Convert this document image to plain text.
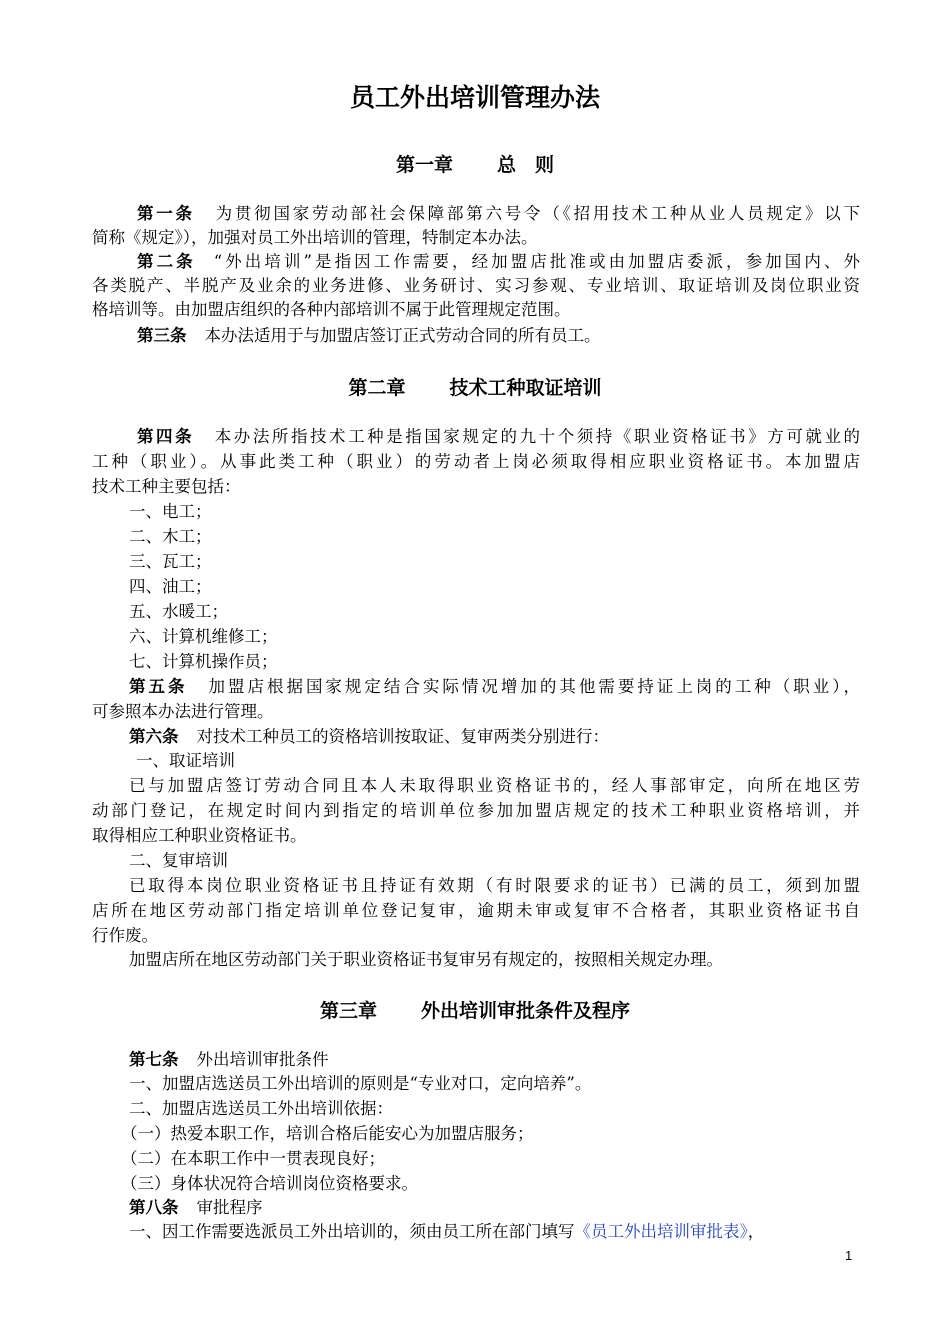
员工外出培训管理办法
第一章 总　则
第一条 为贯彻国家劳动部社会保障部第六号令（《招用技术工种从业人员规定》以下
简称《规定》），加强对员工外出培训的管理，特制定本办法。
第二条 “外出培训”是指因工作需要，经加盟店批准或由加盟店委派，参加国内、外
各类脱产、半脱产及业余的业务进修、业务研讨、实习参观、专业培训、取证培训及岗位职业资
格培训等。由加盟店组织的各种内部培训不属于此管理规定范围。
第三条 本办法适用于与加盟店签订正式劳动合同的所有员工。
第二章 技术工种取证培训
第四条 本办法所指技术工种是指国家规定的九十个须持《职业资格证书》方可就业的
工种（职业）。从事此类工种（职业）的劳动者上岗必须取得相应职业资格证书。本加盟店
技术工种主要包括：
一、电工；
二、木工；
三、瓦工；
四、油工；
五、水暖工；
六、计算机维修工；
七、计算机操作员；
第五条 加盟店根据国家规定结合实际情况增加的其他需要持证上岗的工种（职业），
可参照本办法进行管理。
第六条 对技术工种员工的资格培训按取证、复审两类分别进行：
一、取证培训
已与加盟店签订劳动合同且本人未取得职业资格证书的，经人事部审定，向所在地区劳
动部门登记，在规定时间内到指定的培训单位参加加盟店规定的技术工种职业资格培训，并
取得相应工种职业资格证书。
二、复审培训
已取得本岗位职业资格证书且持证有效期（有时限要求的证书）已满的员工，须到加盟
店所在地区劳动部门指定培训单位登记复审，逾期未审或复审不合格者，其职业资格证书自
行作废。
加盟店所在地区劳动部门关于职业资格证书复审另有规定的，按照相关规定办理。
第三章 外出培训审批条件及程序
第七条 外出培训审批条件
一、加盟店选送员工外出培训的原则是“专业对口，定向培养”。
二、加盟店选送员工外出培训依据：
（一）热爱本职工作，培训合格后能安心为加盟店服务；
（二）在本职工作中一贯表现良好；
（三）身体状况符合培训岗位资格要求。
第八条 审批程序
一、因工作需要选派员工外出培训的，须由员工所在部门填写《员工外出培训审批表》，
1
